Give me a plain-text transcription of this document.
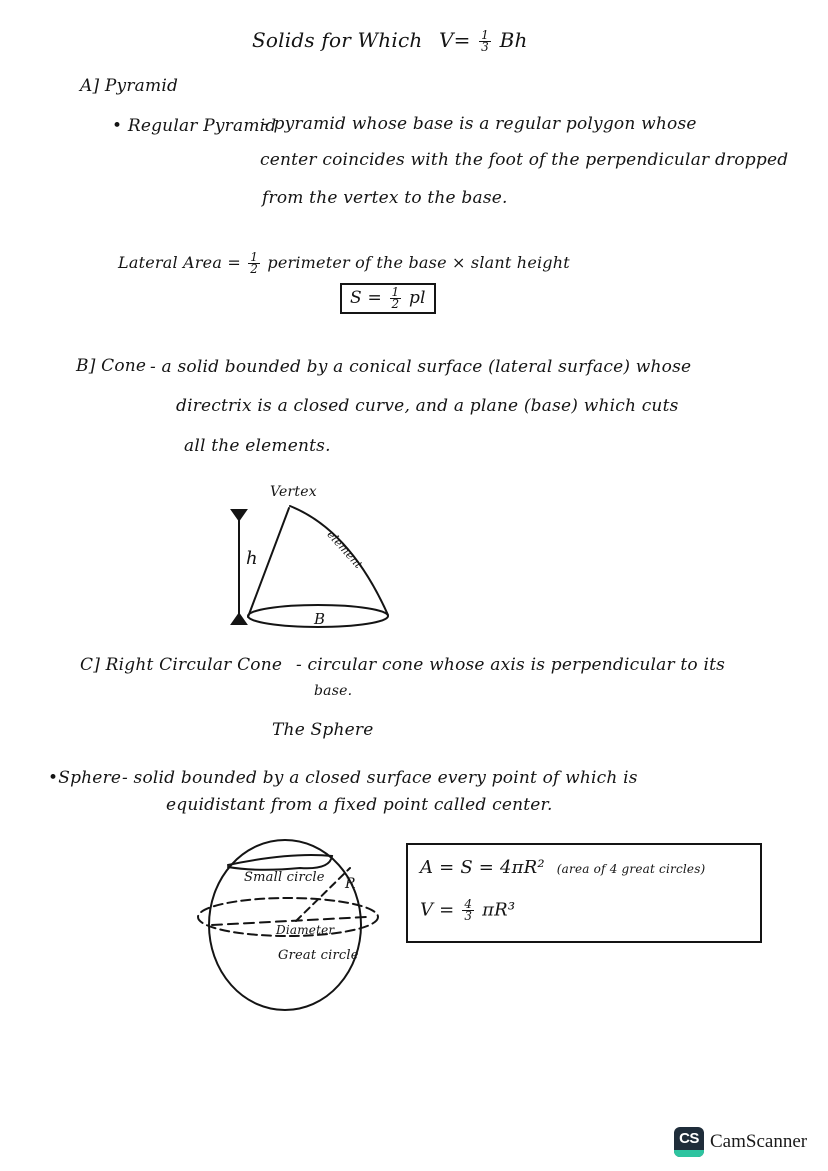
Solids for Which $V= \frac{1}{3}$ Bh
A] Pyramid
• Regular Pyramid
- pyramid whose base is a regular polygon whose
center coincides with the foot of the perpendicular dropped
from the vertex to the base.
Lateral Area = $\frac{1}{2}$ perimeter of the base × slant height
$S = \frac{1}{2}$ pl
B] Cone - a solid bounded by a conical surface (lateral surface) whose
directrix is a closed curve, and a plane (base) which cuts
all the elements.
Vertex
h	element
B
C] Right Circular Cone - circular cone whose axis is perpendicular to its
base.
The Sphere
•Sphere - solid bounded by a closed surface every point of which is
equidistant from a fixed point called center.
Small circle R
Diameter
Great circle
A = S = 4πR² (area of 4 great circles)
$V = \frac{4}{3} \pi R^3$
CS CamScanner
